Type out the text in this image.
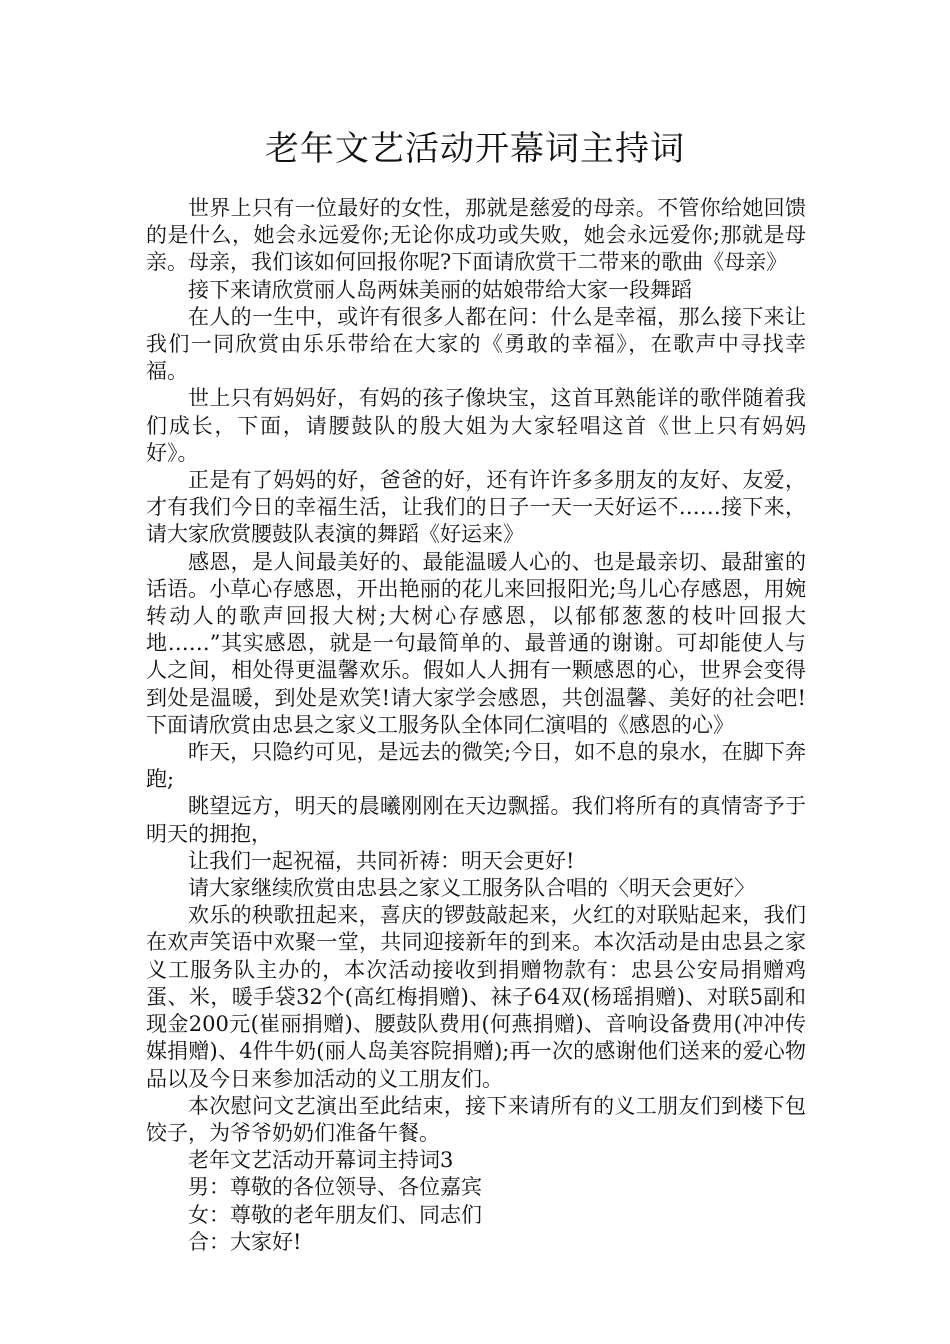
老年文艺活动开幕词主持词

世界上只有一位最好的女性，那就是慈爱的母亲。不管你给她回馈的是什么，她会永远爱你;无论你成功或失败，她会永远爱你;那就是母亲。母亲，我们该如何回报你呢?下面请欣赏干二带来的歌曲《母亲》

接下来请欣赏丽人岛两妹美丽的姑娘带给大家一段舞蹈

在人的一生中，或许有很多人都在问：什么是幸福，那么接下来让我们一同欣赏由乐乐带给在大家的《勇敢的幸福》，在歌声中寻找幸福。

世上只有妈妈好，有妈的孩子像块宝，这首耳熟能详的歌伴随着我们成长，下面，请腰鼓队的殷大姐为大家轻唱这首《世上只有妈妈好》。

正是有了妈妈的好，爸爸的好，还有许许多多朋友的友好、友爱，才有我们今日的幸福生活，让我们的日子一天一天好运不……接下来，请大家欣赏腰鼓队表演的舞蹈《好运来》

感恩，是人间最美好的、最能温暖人心的、也是最亲切、最甜蜜的话语。小草心存感恩，开出艳丽的花儿来回报阳光;鸟儿心存感恩，用婉转动人的歌声回报大树;大树心存感恩，以郁郁葱葱的枝叶回报大地……”其实感恩，就是一句最简单的、最普通的谢谢。可却能使人与人之间，相处得更温馨欢乐。假如人人拥有一颗感恩的心，世界会变得到处是温暖，到处是欢笑!请大家学会感恩，共创温馨、美好的社会吧!下面请欣赏由忠县之家义工服务队全体同仁演唱的《感恩的心》

昨天，只隐约可见，是远去的微笑;今日，如不息的泉水，在脚下奔跑;

眺望远方，明天的晨曦刚刚在天边飘摇。我们将所有的真情寄予于明天的拥抱，

让我们一起祝福，共同祈祷：明天会更好!

请大家继续欣赏由忠县之家义工服务队合唱的〈明天会更好〉

欢乐的秧歌扭起来，喜庆的锣鼓敲起来，火红的对联贴起来，我们在欢声笑语中欢聚一堂，共同迎接新年的到来。本次活动是由忠县之家义工服务队主办的，本次活动接收到捐赠物款有：忠县公安局捐赠鸡蛋、米，暖手袋32个(高红梅捐赠)、袜子64双(杨瑶捐赠)、对联5副和现金200元(崔丽捐赠)、腰鼓队费用(何燕捐赠)、音响设备费用(冲冲传媒捐赠)、4件牛奶(丽人岛美容院捐赠);再一次的感谢他们送来的爱心物品以及今日来参加活动的义工朋友们。

本次慰问文艺演出至此结束，接下来请所有的义工朋友们到楼下包饺子，为爷爷奶奶们准备午餐。

老年文艺活动开幕词主持词3

男：尊敬的各位领导、各位嘉宾

女：尊敬的老年朋友们、同志们

合：大家好!
